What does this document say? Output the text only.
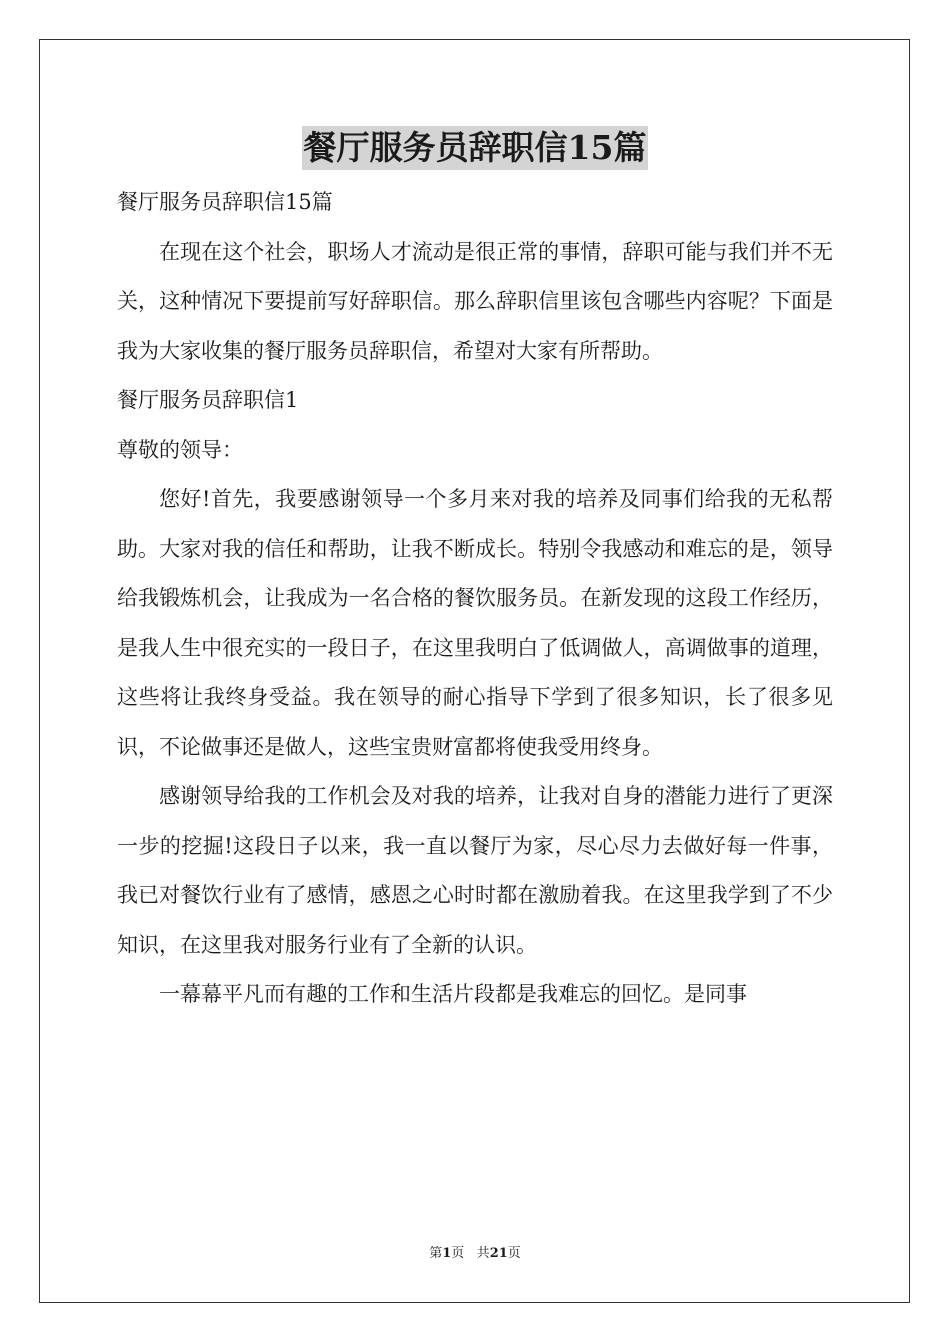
餐厅服务员辞职信15篇

餐厅服务员辞职信15篇

在现在这个社会，职场人才流动是很正常的事情，辞职可能与我们并不无关，这种情况下要提前写好辞职信。那么辞职信里该包含哪些内容呢？下面是我为大家收集的餐厅服务员辞职信，希望对大家有所帮助。

餐厅服务员辞职信1

尊敬的领导：

您好!首先，我要感谢领导一个多月来对我的培养及同事们给我的无私帮助。大家对我的信任和帮助，让我不断成长。特别令我感动和难忘的是，领导给我锻炼机会，让我成为一名合格的餐饮服务员。在新发现的这段工作经历，是我人生中很充实的一段日子，在这里我明白了低调做人，高调做事的道理，这些将让我终身受益。我在领导的耐心指导下学到了很多知识，长了很多见识，不论做事还是做人，这些宝贵财富都将使我受用终身。

感谢领导给我的工作机会及对我的培养，让我对自身的潜能力进行了更深一步的挖掘!这段日子以来，我一直以餐厅为家，尽心尽力去做好每一件事，我已对餐饮行业有了感情，感恩之心时时都在激励着我。在这里我学到了不少知识，在这里我对服务行业有了全新的认识。

一幕幕平凡而有趣的工作和生活片段都是我难忘的回忆。是同事

第1页 共21页
